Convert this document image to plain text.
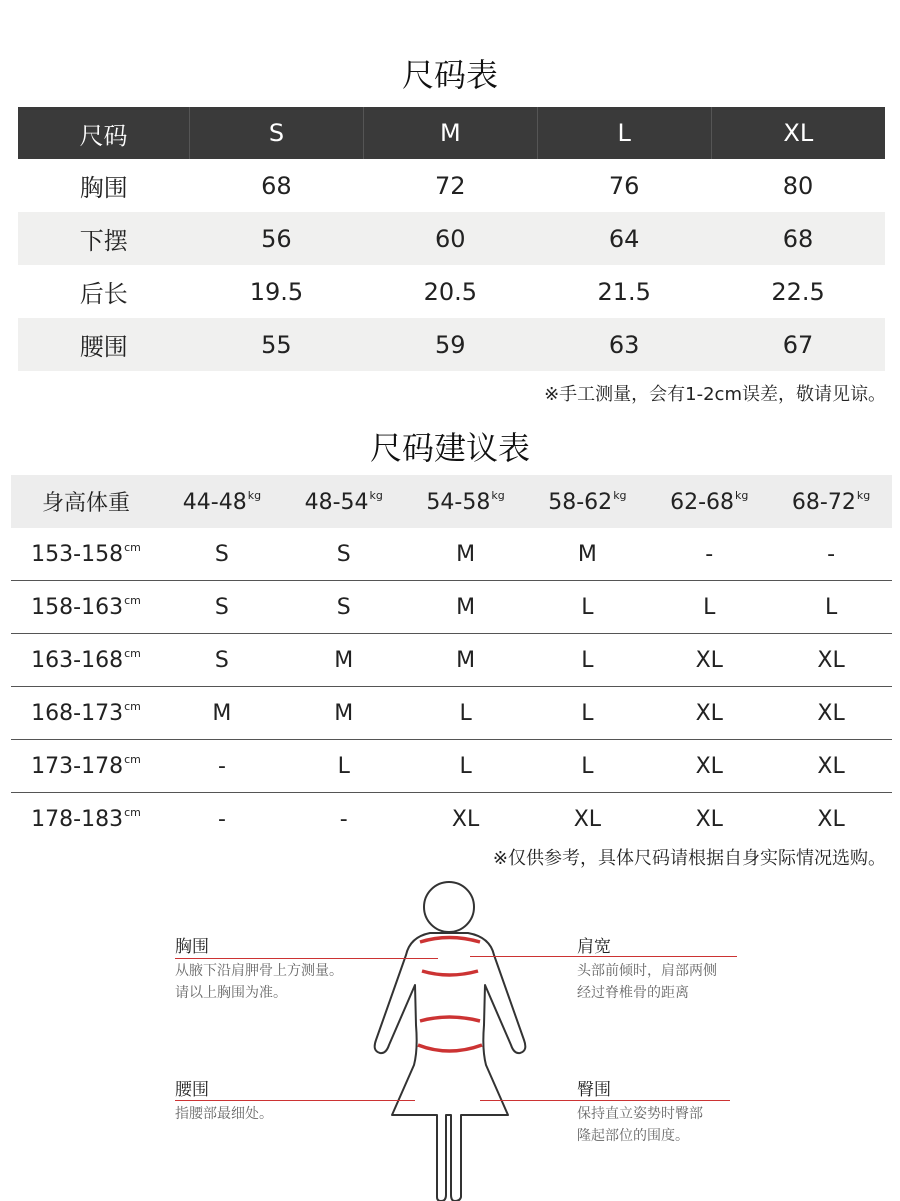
尺码表
尺码	S	M	L	XL
胸围	68	72	76	80
下摆	56	60	64	68
后长	19.5	20.5	21.5	22.5
腰围	55	59	63	67
※手工测量，会有1-2cm误差，敬请见谅。
尺码建议表
身高体重	$44-48^{kg}$	$48-54^{kg}$	$54-58^{kg}$	$58-62^{kg}$	$62-68^{kg}$	$68-72^{kg}$
$153-158^{cm}$	S	S	M	M	-	-
$158-163^{cm}$	S	S	M	L	L	L
$163-168^{cm}$	S	M	M	L	XL	XL
$168-173^{cm}$	M	M	L	L	XL	XL
$173-178^{cm}$	-	L	L	L	XL	XL
$178-183^{cm}$	-	-	XL	XL	XL	XL
※仅供参考，具体尺码请根据自身实际情况选购。
胸围
从腋下沿肩胛骨上方测量。
请以上胸围为准。
肩宽
头部前倾时，肩部两侧
经过脊椎骨的距离
腰围
指腰部最细处。
臀围
保持直立姿势时臀部
隆起部位的围度。
